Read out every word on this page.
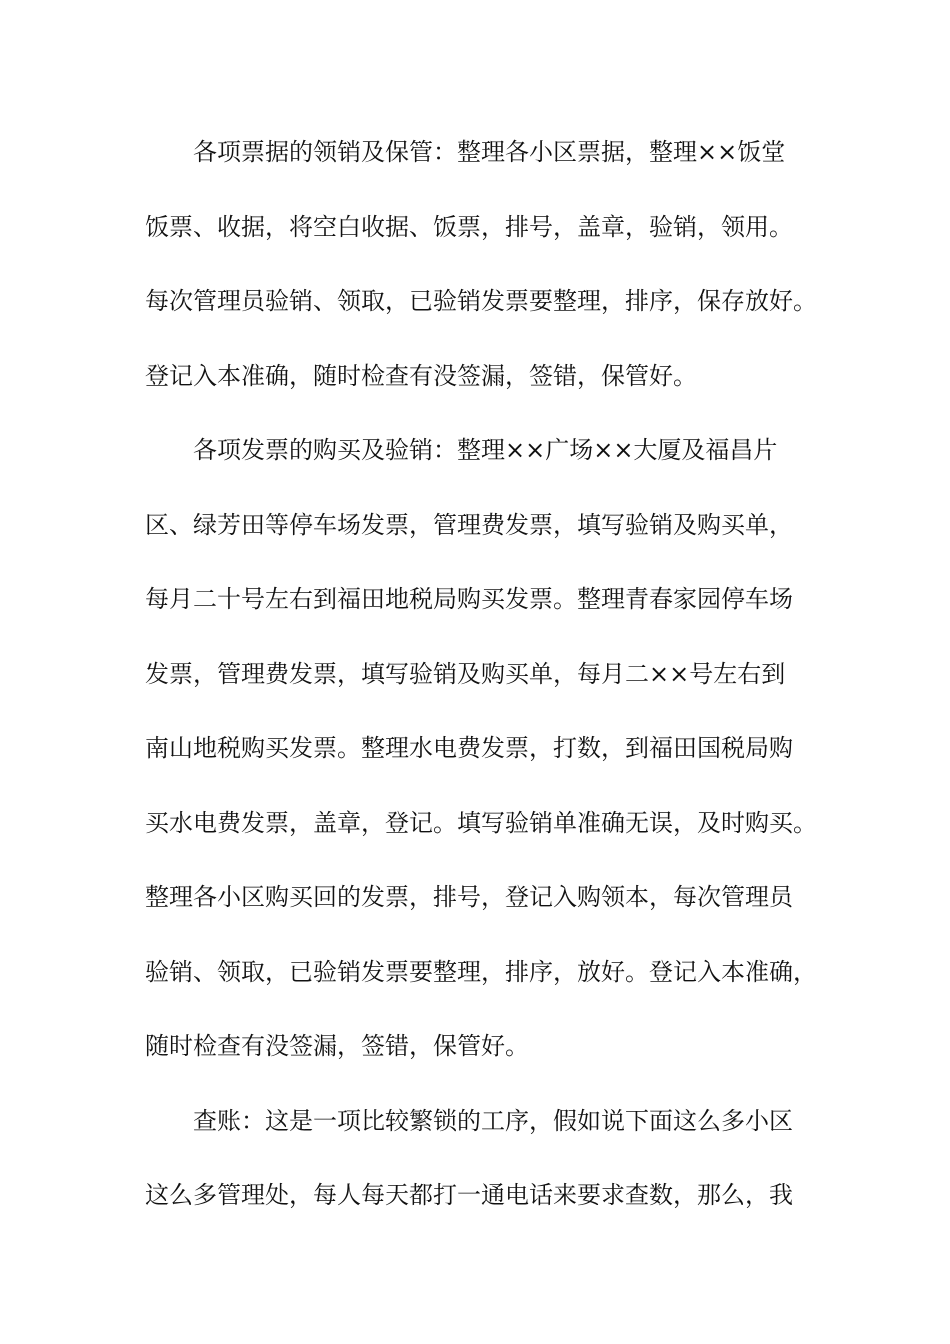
各项票据的领销及保管：整理各小区票据，整理××饭堂
饭票、收据，将空白收据、饭票，排号，盖章，验销，领用。
每次管理员验销、领取，已验销发票要整理，排序，保存放好。
登记入本准确，随时检查有没签漏，签错，保管好。
各项发票的购买及验销：整理××广场××大厦及福昌片
区、绿芳田等停车场发票，管理费发票，填写验销及购买单，
每月二十号左右到福田地税局购买发票。整理青春家园停车场
发票，管理费发票，填写验销及购买单，每月二××号左右到
南山地税购买发票。整理水电费发票，打数，到福田国税局购
买水电费发票，盖章，登记。填写验销单准确无误，及时购买。
整理各小区购买回的发票，排号，登记入购领本，每次管理员
验销、领取，已验销发票要整理，排序，放好。登记入本准确，
随时检查有没签漏，签错，保管好。
查账：这是一项比较繁锁的工序，假如说下面这么多小区
这么多管理处，每人每天都打一通电话来要求查数，那么，我
